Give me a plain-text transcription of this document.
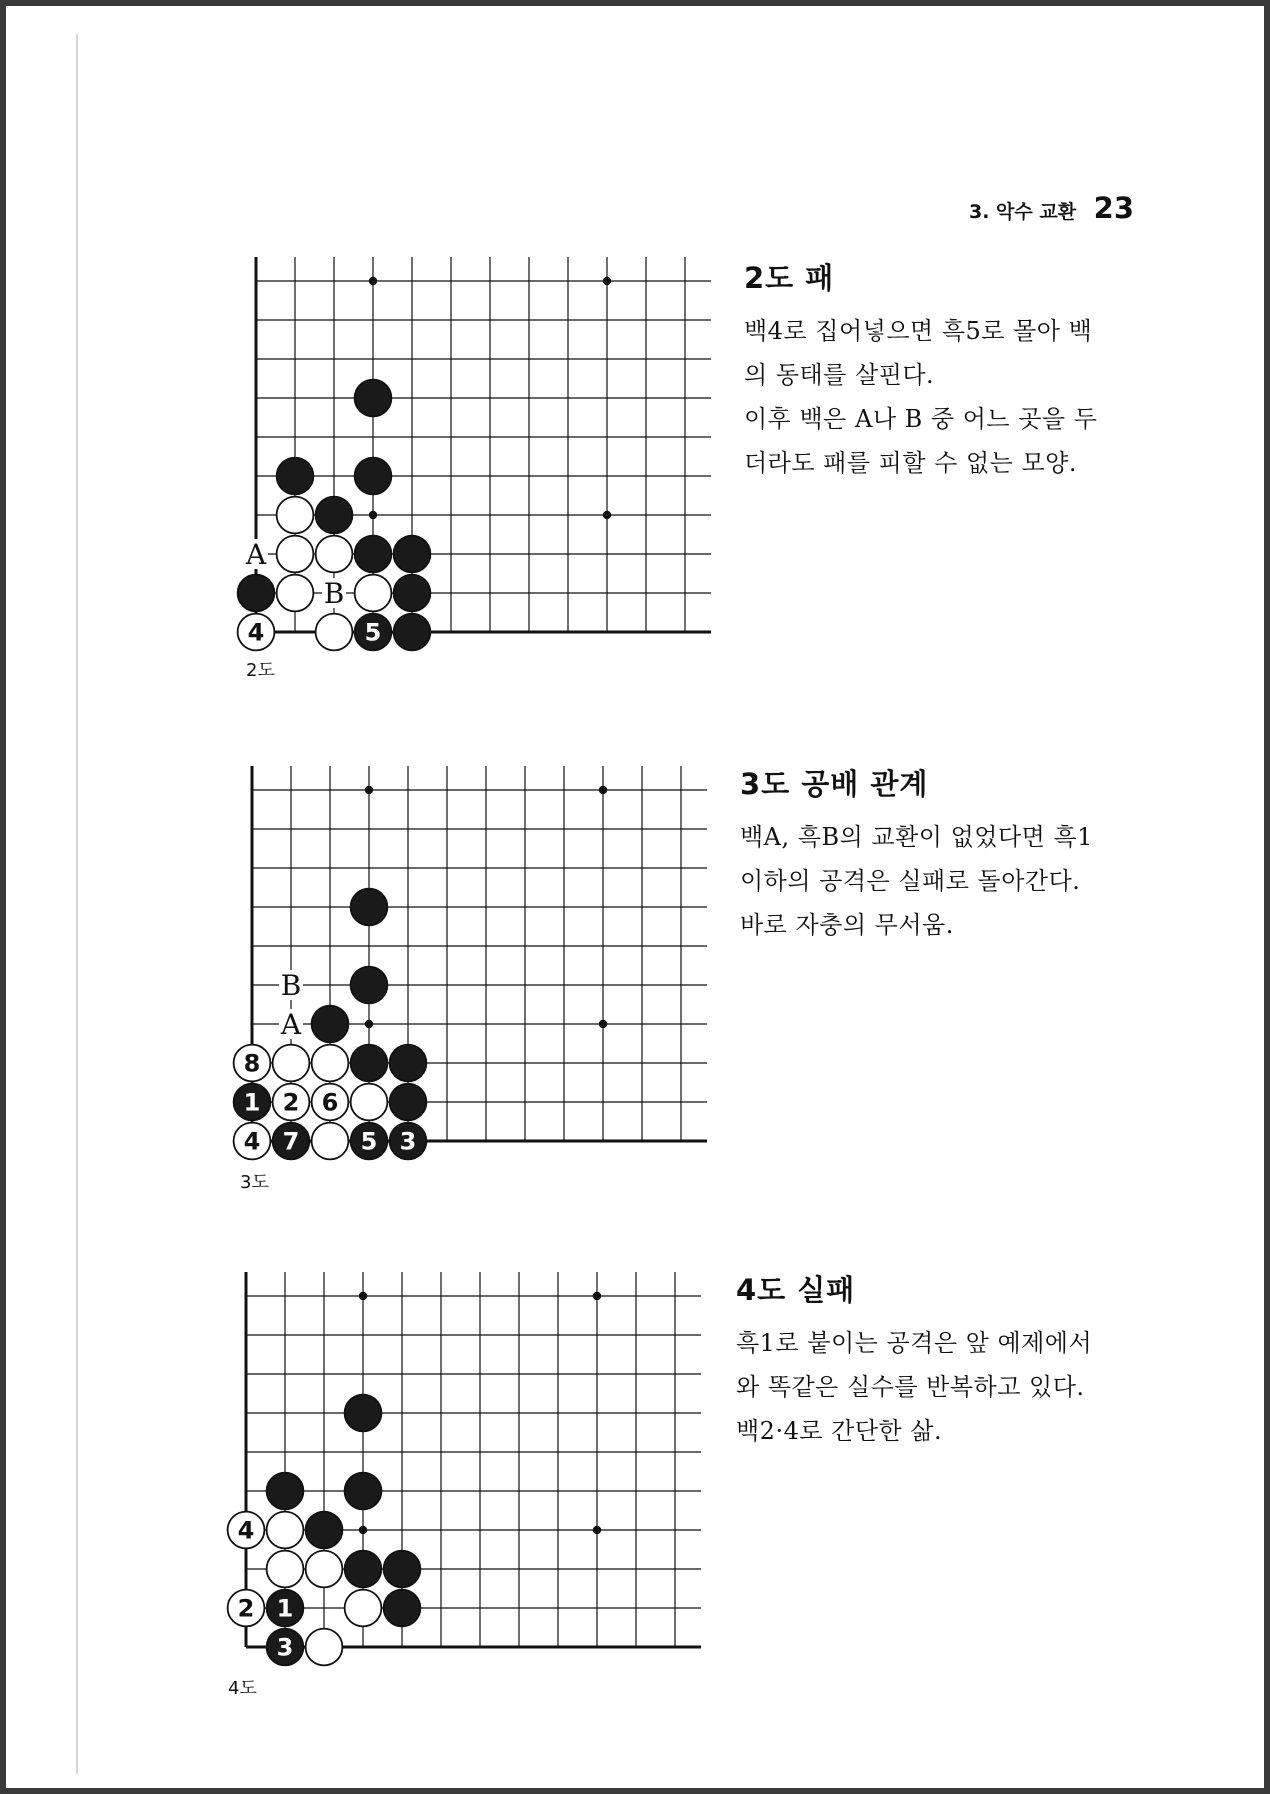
3. 악수 교환 23
A
B
4	5
2도
2도 패

백4로 집어넣으면 흑5로 몰아 백

의 동태를 살핀다.

이후 백은 A나 B 중 어느 곳을 두

더라도 패를 피할 수 없는 모양.

B
A
8
1 2 6
4 7	5 3
3도
3도 공배 관계

백A, 흑B의 교환이 없었다면 흑1

이하의 공격은 실패로 돌아간다.

바로 자충의 무서움.

4
2 1
3
4도
4도 실패

흑1로 붙이는 공격은 앞 예제에서

와 똑같은 실수를 반복하고 있다.

백2·4로 간단한 삶.
